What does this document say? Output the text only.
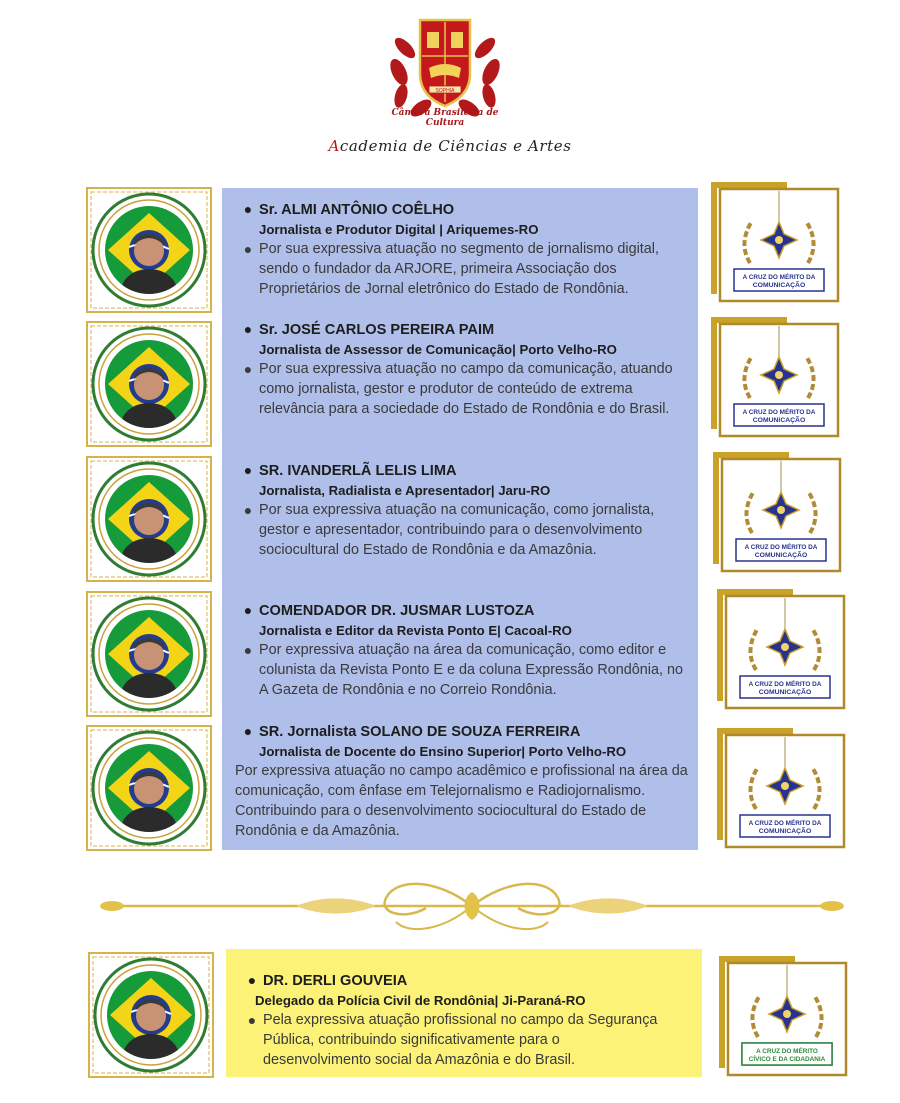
SOPHIA
Câmara Brasileira de Cultura
Academia de Ciências e Artes
A CRUZ DO MÉRITO DA
COMUNICAÇÃO
A CRUZ DO MÉRITO DA
COMUNICAÇÃO
A CRUZ DO MÉRITO DA
COMUNICAÇÃO
A CRUZ DO MÉRITO DA
COMUNICAÇÃO
A CRUZ DO MÉRITO DA
COMUNICAÇÃO
A CRUZ DO MÉRITO
CÍVICO E DA CIDADANIA
● Sr. ALMI ANTÔNIO COÊLHO
Jornalista e Produtor Digital | Ariquemes-RO
● Por sua expressiva atuação no segmento de jornalismo digital, sendo o fundador da ARJORE, primeira Associação dos Proprietários de Jornal eletrônico do Estado de Rondônia.
● Sr. JOSÉ CARLOS PEREIRA PAIM
Jornalista de Assessor de Comunicação| Porto Velho-RO
● Por sua expressiva atuação no campo da comunicação, atuando como jornalista, gestor e produtor de conteúdo de extrema relevância para a sociedade do Estado de Rondônia e do Brasil.
● SR. IVANDERLÃ LELIS LIMA
Jornalista, Radialista e Apresentador| Jaru-RO
● Por sua expressiva atuação na comunicação, como jornalista, gestor e apresentador, contribuindo para o desenvolvimento sociocultural do Estado de Rondônia e da Amazônia.
● COMENDADOR DR. JUSMAR LUSTOZA
Jornalista e Editor da Revista Ponto E| Cacoal-RO
● Por expressiva atuação na área da comunicação, como editor e colunista da Revista Ponto E e da coluna Expressão Rondônia, no A Gazeta de Rondônia e no Correio Rondônia.
● SR. Jornalista SOLANO DE SOUZA FERREIRA
Jornalista de Docente do Ensino Superior| Porto Velho-RO
Por expressiva atuação no campo acadêmico e profissional na área da comunicação, com ênfase em Telejornalismo e Radiojornalismo. Contribuindo para o desenvolvimento sociocultural do Estado de Rondônia e da Amazônia.
● DR. DERLI GOUVEIA
Delegado da Polícia Civil de Rondônia| Ji-Paraná-RO
● Pela expressiva atuação profissional no campo da Segurança Pública, contribuindo significativamente para o desenvolvimento social da Amazônia e do Brasil.
